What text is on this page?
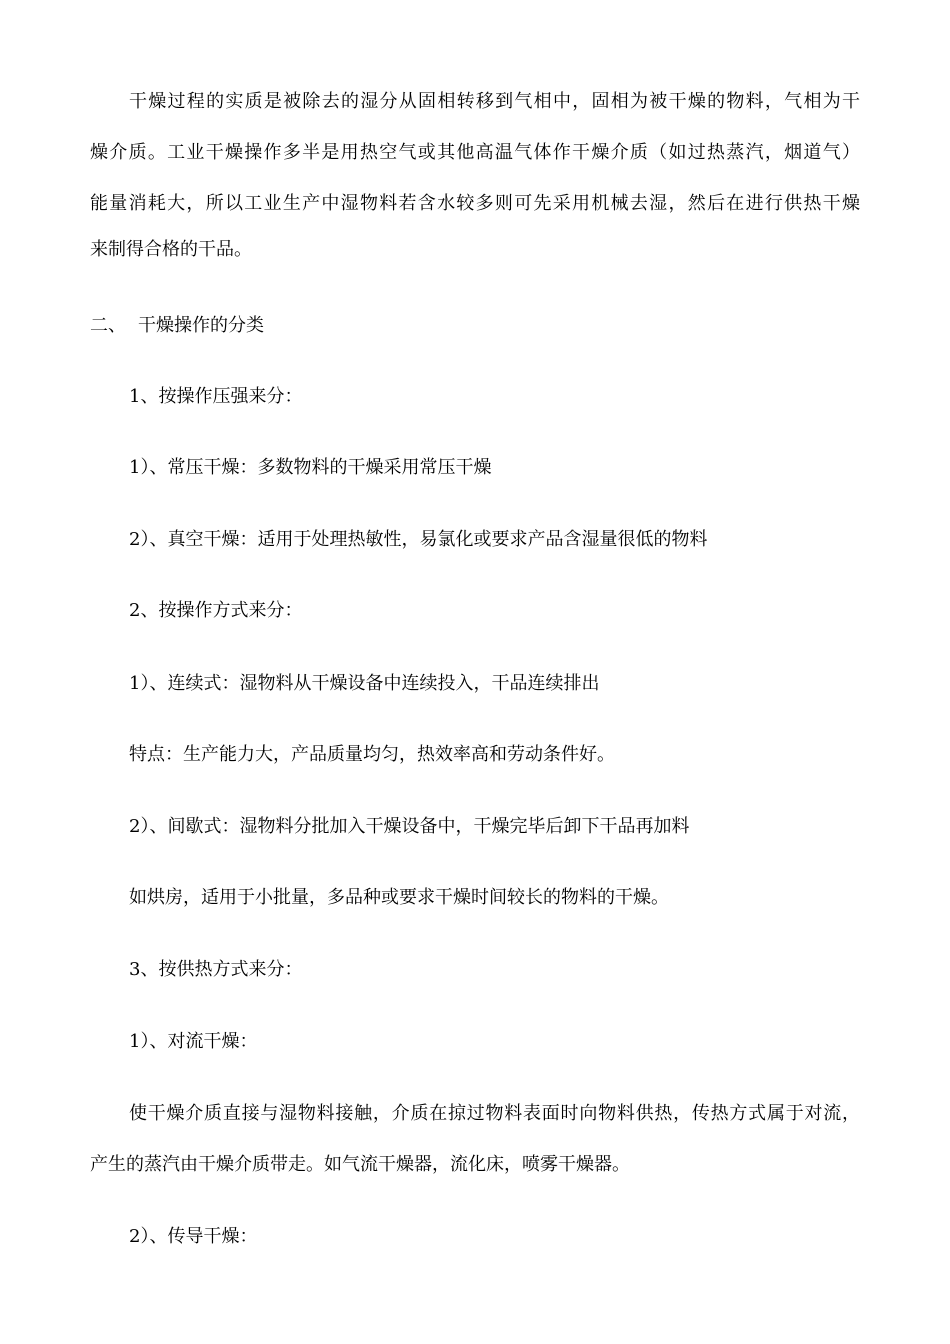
干燥过程的实质是被除去的湿分从固相转移到气相中，固相为被干燥的物料，气相为干
燥介质。工业干燥操作多半是用热空气或其他高温气体作干燥介质（如过热蒸汽，烟道气）
能量消耗大，所以工业生产中湿物料若含水较多则可先采用机械去湿，然后在进行供热干燥
来制得合格的干品。
二、 干燥操作的分类
1、按操作压强来分：
1）、常压干燥：多数物料的干燥采用常压干燥
2）、真空干燥：适用于处理热敏性，易氯化或要求产品含湿量很低的物料
2、按操作方式来分：
1）、连续式：湿物料从干燥设备中连续投入，干品连续排出
特点：生产能力大，产品质量均匀，热效率高和劳动条件好。
2）、间歇式：湿物料分批加入干燥设备中，干燥完毕后卸下干品再加料
如烘房，适用于小批量，多品种或要求干燥时间较长的物料的干燥。
3、按供热方式来分：
1）、对流干燥：
使干燥介质直接与湿物料接触，介质在掠过物料表面时向物料供热，传热方式属于对流，
产生的蒸汽由干燥介质带走。如气流干燥器，流化床，喷雾干燥器。
2）、传导干燥：
